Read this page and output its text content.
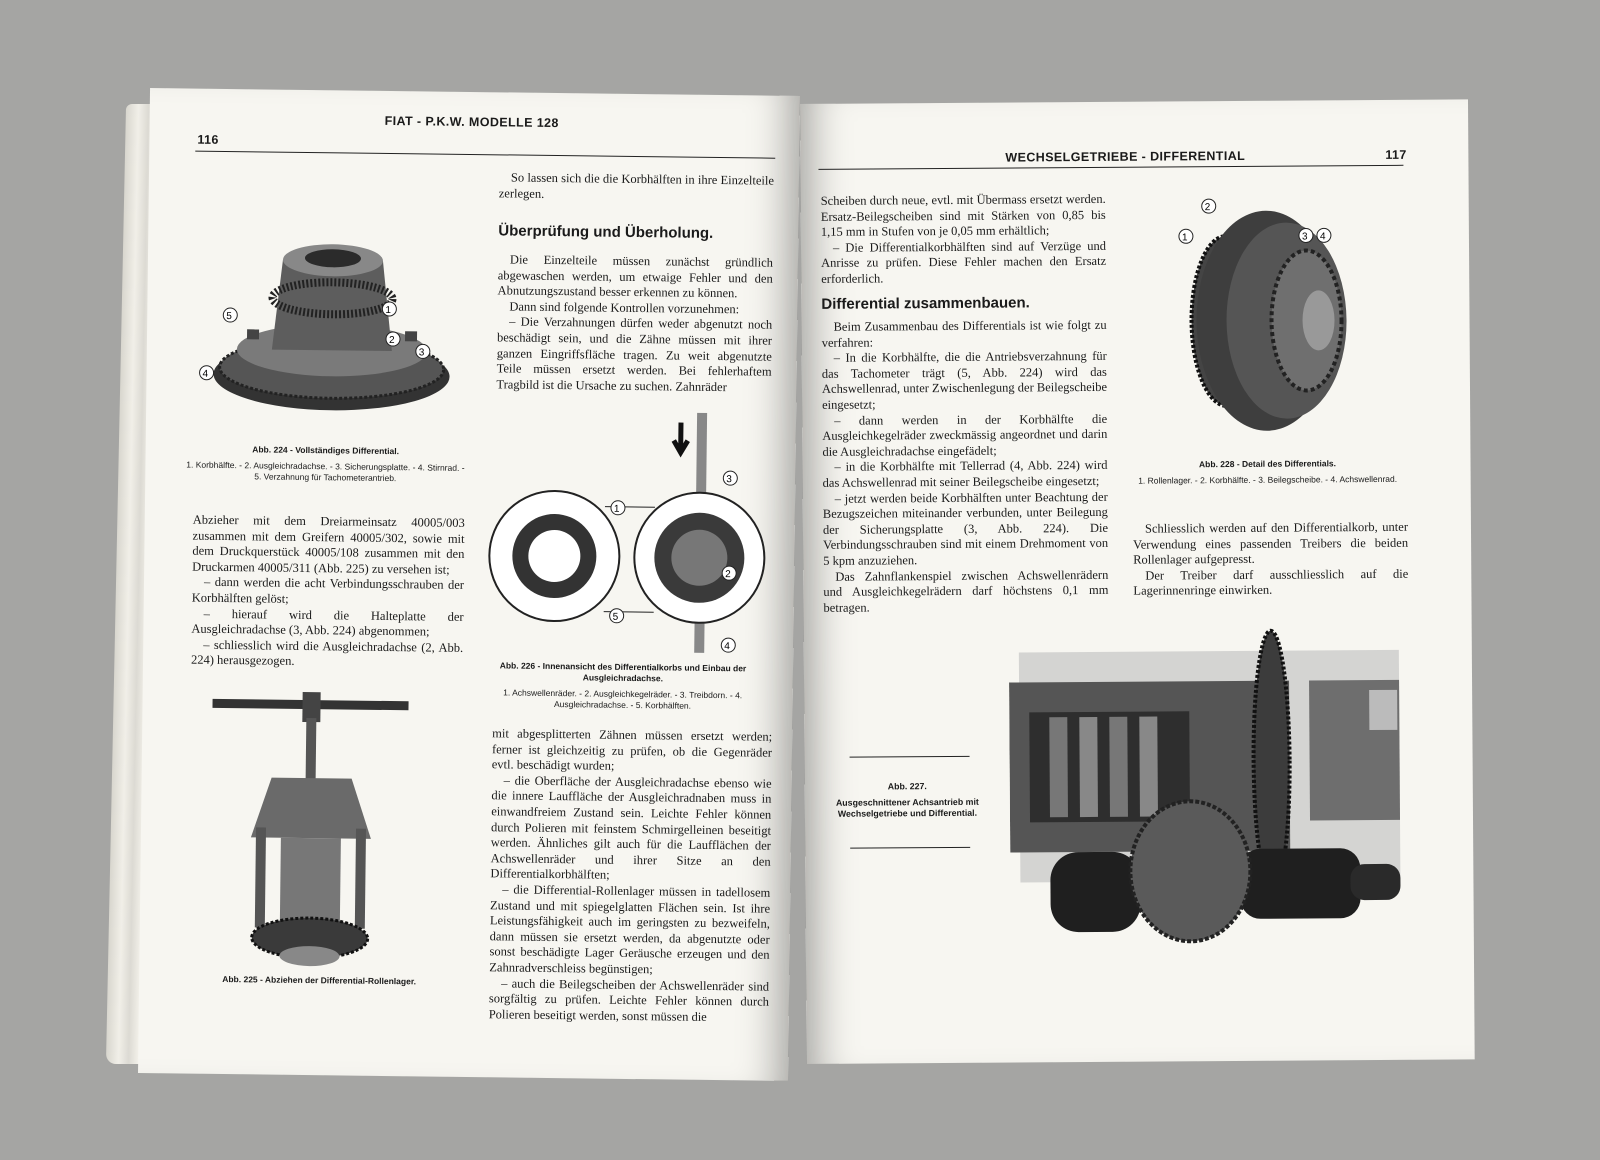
FIAT - P.K.W. MODELLE 128
116
1
2
3
4
5
Abb. 224 - Vollständiges Differential.
1. Korbhälfte. - 2. Ausgleichradachse. - 3. Sicherungsplatte. - 4. Stirnrad. - 5. Verzahnung für Tachometerantrieb.

Abzieher mit dem Dreiarmeinsatz 40005/003 zusammen mit dem Greifern 40005/302, sowie mit dem Druckquerstück 40005/108 zusammen mit den Druckarmen 40005/311 (Abb. 225) zu versehen ist;

– dann werden die acht Verbindungsschrauben der Korbhälften gelöst;

– hierauf wird die Halteplatte der Ausgleichradachse (3, Abb. 224) abgenommen;

– schliesslich wird die Ausgleichradachse (2, Abb. 224) herausgezogen.

Abb. 225 - Abziehen der Differential-Rollenlager.

So lassen sich die die Korbhälften in ihre Einzelteile zerlegen.

Überprüfung und Überholung.

Die Einzelteile müssen zunächst gründlich abgewaschen werden, um etwaige Fehler und den Abnutzungszustand besser erkennen zu können.

Dann sind folgende Kontrollen vorzunehmen:

– Die Verzahnungen dürfen weder abgenutzt noch beschädigt sein, und die Zähne müssen mit ihrer ganzen Eingriffsfläche tragen. Zu weit abgenutzte Teile müssen ersetzt werden. Bei fehlerhaftem Tragbild ist die Ursache zu suchen. Zahnräder

3
1
2
5
4
Abb. 226 - Innenansicht des Differentialkorbs und Einbau der Ausgleichradachse.
1. Achswellenräder. - 2. Ausgleichkegelräder. - 3. Treibdorn. - 4. Ausgleichradachse. - 5. Korbhälften.

mit abgesplitterten Zähnen müssen ersetzt werden; ferner ist gleichzeitig zu prüfen, ob die Gegenräder evtl. beschädigt wurden;

– die Oberfläche der Ausgleichradachse ebenso wie die innere Lauffläche der Ausgleichradnaben muss in einwandfreiem Zustand sein. Leichte Fehler können durch Polieren mit feinstem Schmirgelleinen beseitigt werden. Ähnliches gilt auch für die Laufflächen der Achswellenräder und ihrer Sitze an den Differentialkorbhälften;

– die Differential-Rollenlager müssen in tadellosem Zustand und mit spiegelglatten Flächen sein. Ist ihre Leistungsfähigkeit auch im geringsten zu bezweifeln, dann müssen sie ersetzt werden, da abgenutzte oder sonst beschädigte Lager Geräusche erzeugen und den Zahnradverschleiss begünstigen;

– auch die Beilegscheiben der Achswellenräder sind sorgfältig zu prüfen. Leichte Fehler können durch Polieren beseitigt werden, sonst müssen die

WECHSELGETRIEBE - DIFFERENTIAL	117

Scheiben durch neue, evtl. mit Übermass ersetzt werden. Ersatz-Beilegscheiben sind mit Stärken von 0,85 bis 1,15 mm in Stufen von je 0,05 mm erhältlich;

– Die Differentialkorbhälften sind auf Verzüge und Anrisse zu prüfen. Diese Fehler machen den Ersatz erforderlich.

Differential zusammenbauen.

Beim Zusammenbau des Differentials ist wie folgt zu verfahren:

– In die Korbhälfte, die die Antriebsverzahnung für das Tachometer trägt (5, Abb. 224) wird das Achswellenrad, unter Zwischenlegung der Beilegscheibe eingesetzt;

– dann werden in der Korbhälfte die Ausgleichkegelräder zweckmässig angeordnet und darin die Ausgleichradachse eingefädelt;

– in die Korbhälfte mit Tellerrad (4, Abb. 224) wird das Achswellenrad mit seiner Beilegscheibe eingesetzt;

– jetzt werden beide Korbhälften unter Beachtung der Bezugszeichen miteinander verbunden, unter Beilegung der Sicherungsplatte (3, Abb. 224). Die Verbindungsschrauben sind mit einem Drehmoment von 5 kpm anzuziehen.

Das Zahnflankenspiel zwischen Achswellenrädern und Ausgleichkegelrädern darf höchstens 0,1 mm betragen.

1
2
3 4
Abb. 228 - Detail des Differentials.
1. Rollenlager. - 2. Korbhälfte. - 3. Beilegscheibe. - 4. Achswellenrad.

Schliesslich werden auf den Differentialkorb, unter Verwendung eines passenden Treibers die beiden Rollenlager aufgepresst.

Der Treiber darf ausschliesslich auf die Lagerinnenringe einwirken.

Abb. 227.
Ausgeschnittener Achsantrieb mit Wechselgetriebe und Differential.
